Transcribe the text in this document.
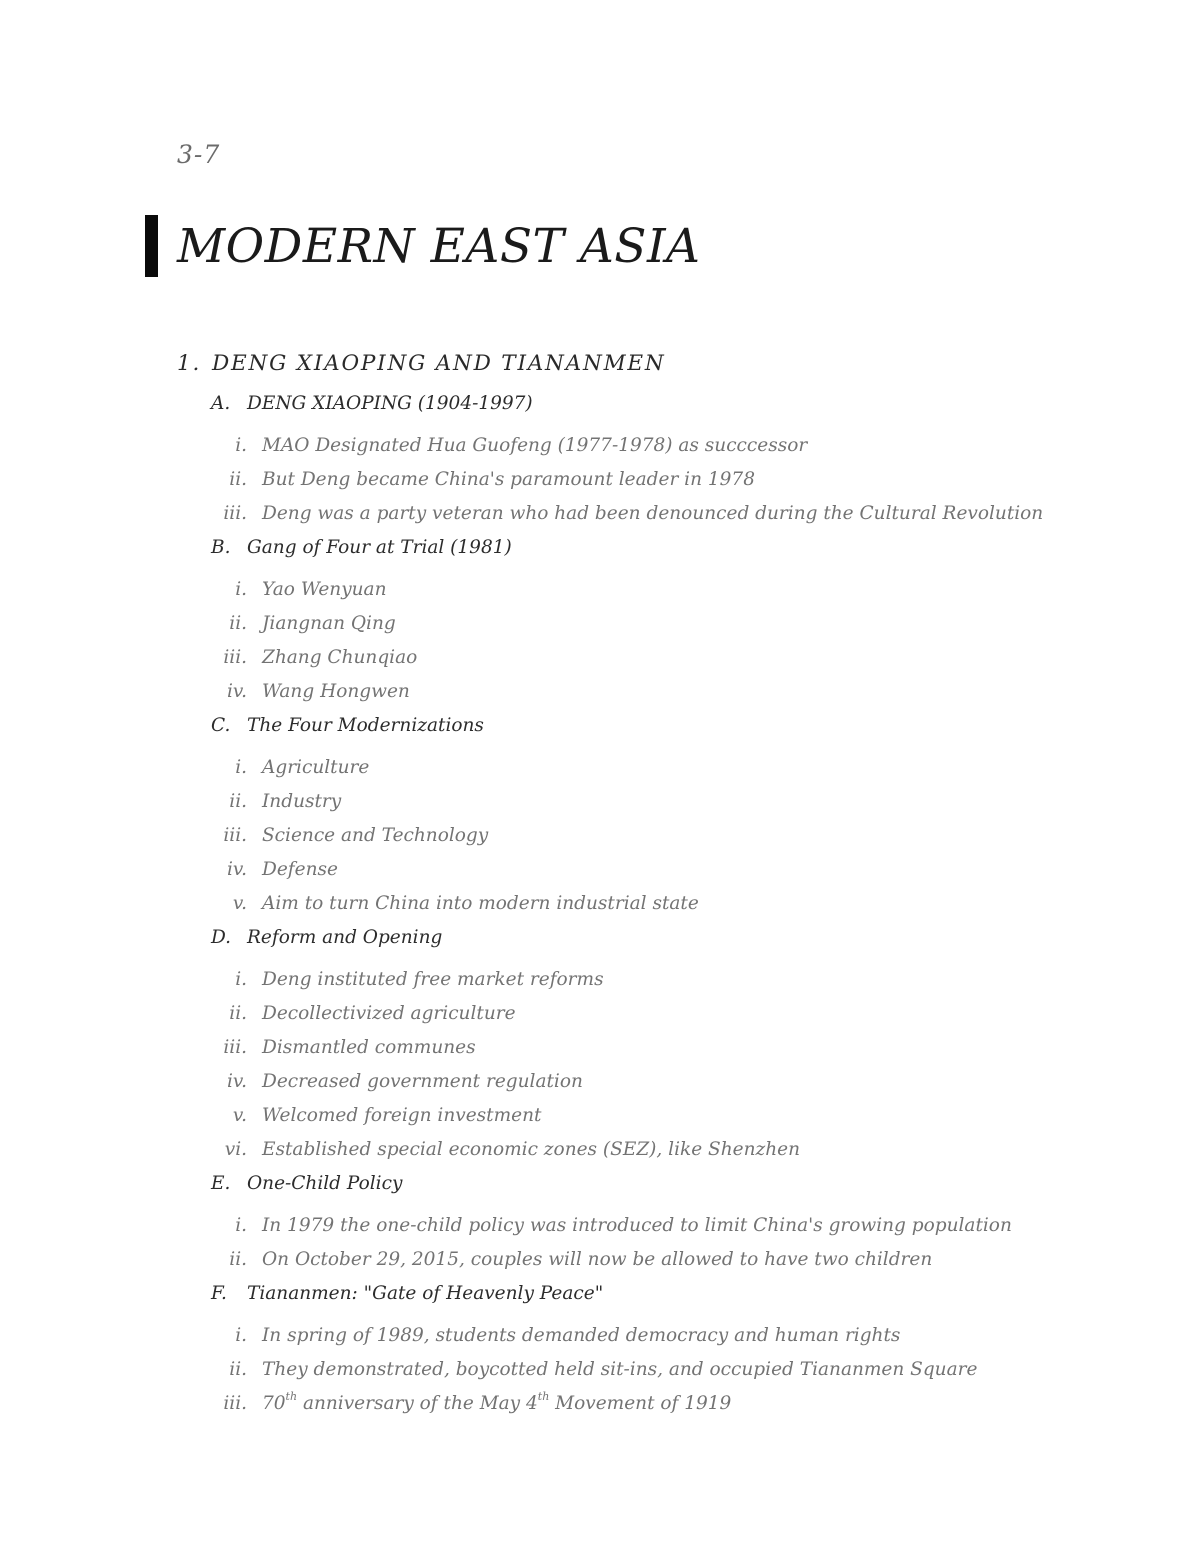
3-7
MODERN EAST ASIA
1. DENG XIAOPING AND TIANANMEN
A. DENG XIAOPING (1904-1997)
i. MAO Designated Hua Guofeng (1977-1978) as succcessor
ii. But Deng became China's paramount leader in 1978
iii. Deng was a party veteran who had been denounced during the Cultural Revolution
B. Gang of Four at Trial (1981)
i. Yao Wenyuan
ii. Jiangnan Qing
iii. Zhang Chunqiao
iv. Wang Hongwen
C. The Four Modernizations
i. Agriculture
ii. Industry
iii. Science and Technology
iv. Defense
v. Aim to turn China into modern industrial state
D. Reform and Opening
i. Deng instituted free market reforms
ii. Decollectivized agriculture
iii. Dismantled communes
iv. Decreased government regulation
v. Welcomed foreign investment
vi. Established special economic zones (SEZ), like Shenzhen
E. One-Child Policy
i. In 1979 the one-child policy was introduced to limit China's growing population
ii. On October 29, 2015, couples will now be allowed to have two children
F. Tiananmen: "Gate of Heavenly Peace"
i. In spring of 1989, students demanded democracy and human rights
ii. They demonstrated, boycotted held sit-ins, and occupied Tiananmen Square
iii. 70th anniversary of the May 4th Movement of 1919
